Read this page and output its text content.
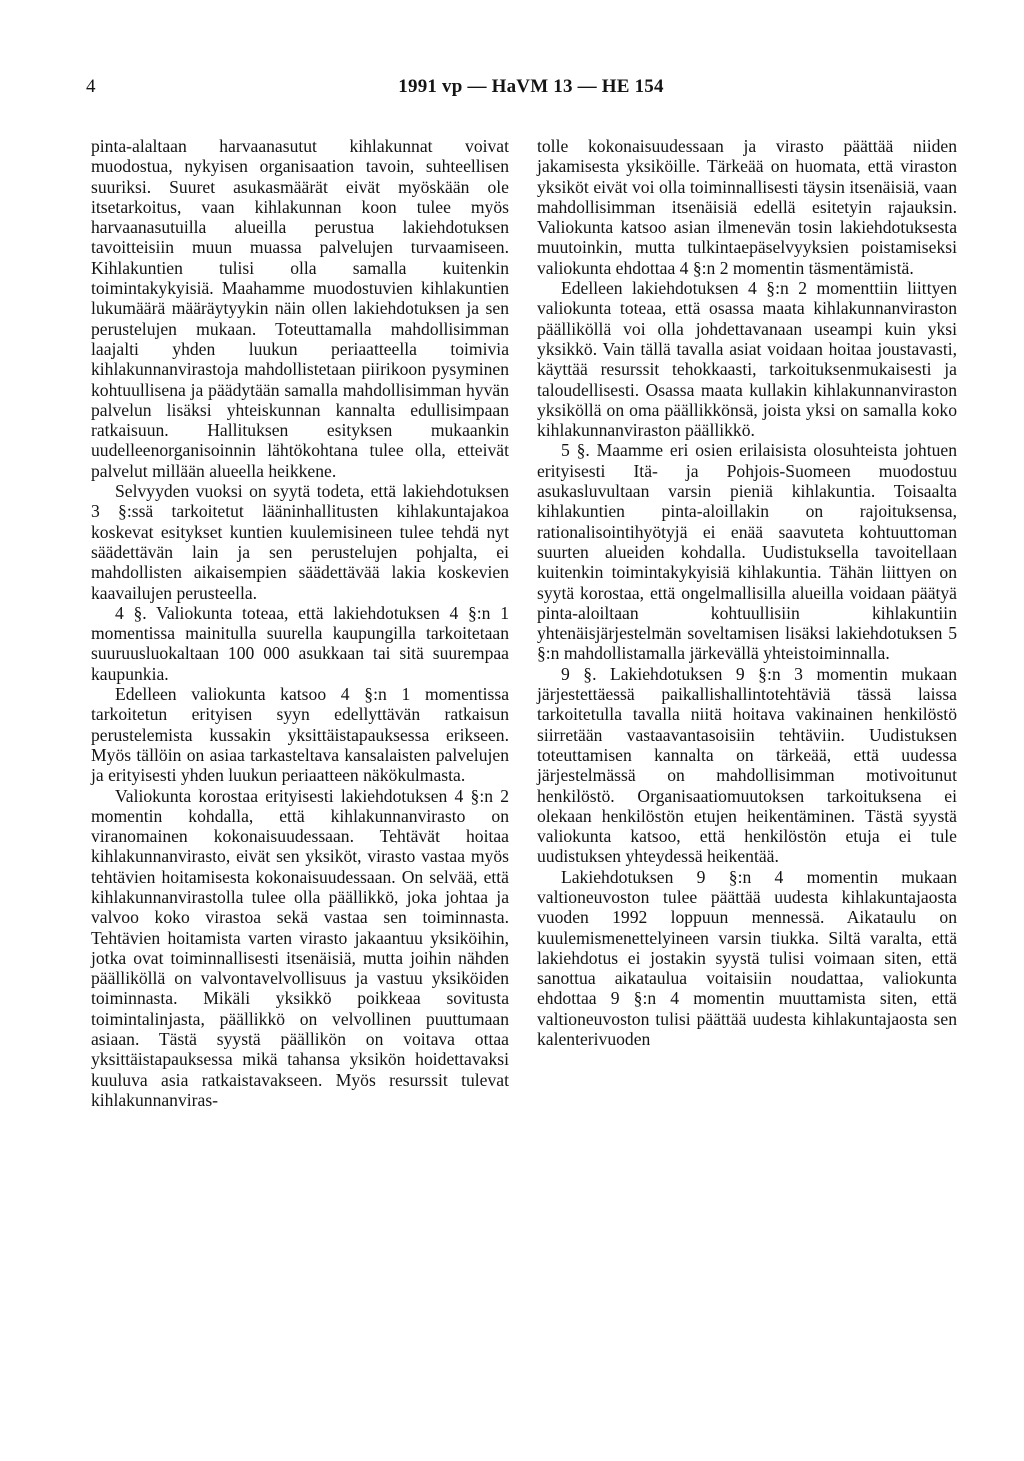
4	1991 vp — HaVM 13 — HE 154

pinta-alaltaan harvaanasutut kihlakunnat voivat muodostua, nykyisen organisaation tavoin, suhteellisen suuriksi. Suuret asukasmäärät eivät myöskään ole itsetarkoitus, vaan kihlakunnan koon tulee myös harvaanasutuilla alueilla perustua lakiehdotuksen tavoitteisiin muun muassa palvelujen turvaamiseen. Kihlakuntien tulisi olla samalla kuitenkin toimintakykyisiä. Maahamme muodostuvien kihlakuntien lukumäärä määräytyykin näin ollen lakiehdotuksen ja sen perustelujen mukaan. Toteuttamalla mahdollisimman laajalti yhden luukun periaatteella toimivia kihlakunnanvirastoja mahdollistetaan piirikoon pysyminen kohtuullisena ja päädytään samalla mahdollisimman hyvän palvelun lisäksi yhteiskunnan kannalta edullisimpaan ratkaisuun. Hallituksen esityksen mukaankin uudelleenorganisoinnin lähtökohtana tulee olla, etteivät palvelut millään alueella heikkene.

Selvyyden vuoksi on syytä todeta, että lakiehdotuksen 3 §:ssä tarkoitetut lääninhallitusten kihlakuntajakoa koskevat esitykset kuntien kuulemisineen tulee tehdä nyt säädettävän lain ja sen perustelujen pohjalta, ei mahdollisten aikaisempien säädettävää lakia koskevien kaavailujen perusteella.

4 §. Valiokunta toteaa, että lakiehdotuksen 4 §:n 1 momentissa mainitulla suurella kaupungilla tarkoitetaan suuruusluokaltaan 100 000 asukkaan tai sitä suurempaa kaupunkia.

Edelleen valiokunta katsoo 4 §:n 1 momentissa tarkoitetun erityisen syyn edellyttävän ratkaisun perustelemista kussakin yksittäistapauksessa erikseen. Myös tällöin on asiaa tarkasteltava kansalaisten palvelujen ja erityisesti yhden luukun periaatteen näkökulmasta.

Valiokunta korostaa erityisesti lakiehdotuksen 4 §:n 2 momentin kohdalla, että kihlakunnanvirasto on viranomainen kokonaisuudessaan. Tehtävät hoitaa kihlakunnanvirasto, eivät sen yksiköt, virasto vastaa myös tehtävien hoitamisesta kokonaisuudessaan. On selvää, että kihlakunnanvirastolla tulee olla päällikkö, joka johtaa ja valvoo koko virastoa sekä vastaa sen toiminnasta. Tehtävien hoitamista varten virasto jakaantuu yksiköihin, jotka ovat toiminnallisesti itsenäisiä, mutta joihin nähden päälliköllä on valvontavelvollisuus ja vastuu yksiköiden toiminnasta. Mikäli yksikkö poikkeaa sovitusta toimintalinjasta, päällikkö on velvollinen puuttumaan asiaan. Tästä syystä päällikön on voitava ottaa yksittäistapauksessa mikä tahansa yksikön hoidettavaksi kuuluva asia ratkaistavakseen. Myös resurssit tulevat kihlakunnanviras-

tolle kokonaisuudessaan ja virasto päättää niiden jakamisesta yksiköille. Tärkeää on huomata, että viraston yksiköt eivät voi olla toiminnallisesti täysin itsenäisiä, vaan mahdollisimman itsenäisiä edellä esitetyin rajauksin. Valiokunta katsoo asian ilmenevän tosin lakiehdotuksesta muutoinkin, mutta tulkintaepäselvyyksien poistamiseksi valiokunta ehdottaa 4 §:n 2 momentin täsmentämistä.

Edelleen lakiehdotuksen 4 §:n 2 momenttiin liittyen valiokunta toteaa, että osassa maata kihlakunnanviraston päälliköllä voi olla johdettavanaan useampi kuin yksi yksikkö. Vain tällä tavalla asiat voidaan hoitaa joustavasti, käyttää resurssit tehokkaasti, tarkoituksenmukaisesti ja taloudellisesti. Osassa maata kullakin kihlakunnanviraston yksiköllä on oma päällikkönsä, joista yksi on samalla koko kihlakunnanviraston päällikkö.

5 §. Maamme eri osien erilaisista olosuhteista johtuen erityisesti Itä- ja Pohjois-Suomeen muodostuu asukasluvultaan varsin pieniä kihlakuntia. Toisaalta kihlakuntien pinta-aloillakin on rajoituksensa, rationalisointihyötyjä ei enää saavuteta kohtuuttoman suurten alueiden kohdalla. Uudistuksella tavoitellaan kuitenkin toimintakykyisiä kihlakuntia. Tähän liittyen on syytä korostaa, että ongelmallisilla alueilla voidaan päätyä pinta-aloiltaan kohtuullisiin kihlakuntiin yhtenäisjärjestelmän soveltamisen lisäksi lakiehdotuksen 5 §:n mahdollistamalla järkevällä yhteistoiminnalla.

9 §. Lakiehdotuksen 9 §:n 3 momentin mukaan järjestettäessä paikallishallintotehtäviä tässä laissa tarkoitetulla tavalla niitä hoitava vakinainen henkilöstö siirretään vastaavantasoisiin tehtäviin. Uudistuksen toteuttamisen kannalta on tärkeää, että uudessa järjestelmässä on mahdollisimman motivoitunut henkilöstö. Organisaatiomuutoksen tarkoituksena ei olekaan henkilöstön etujen heikentäminen. Tästä syystä valiokunta katsoo, että henkilöstön etuja ei tule uudistuksen yhteydessä heikentää.

Lakiehdotuksen 9 §:n 4 momentin mukaan valtioneuvoston tulee päättää uudesta kihlakuntajaosta vuoden 1992 loppuun mennessä. Aikataulu on kuulemismenettelyineen varsin tiukka. Siltä varalta, että lakiehdotus ei jostakin syystä tulisi voimaan siten, että sanottua aikataulua voitaisiin noudattaa, valiokunta ehdottaa 9 §:n 4 momentin muuttamista siten, että valtioneuvoston tulisi päättää uudesta kihlakuntajaosta sen kalenterivuoden
